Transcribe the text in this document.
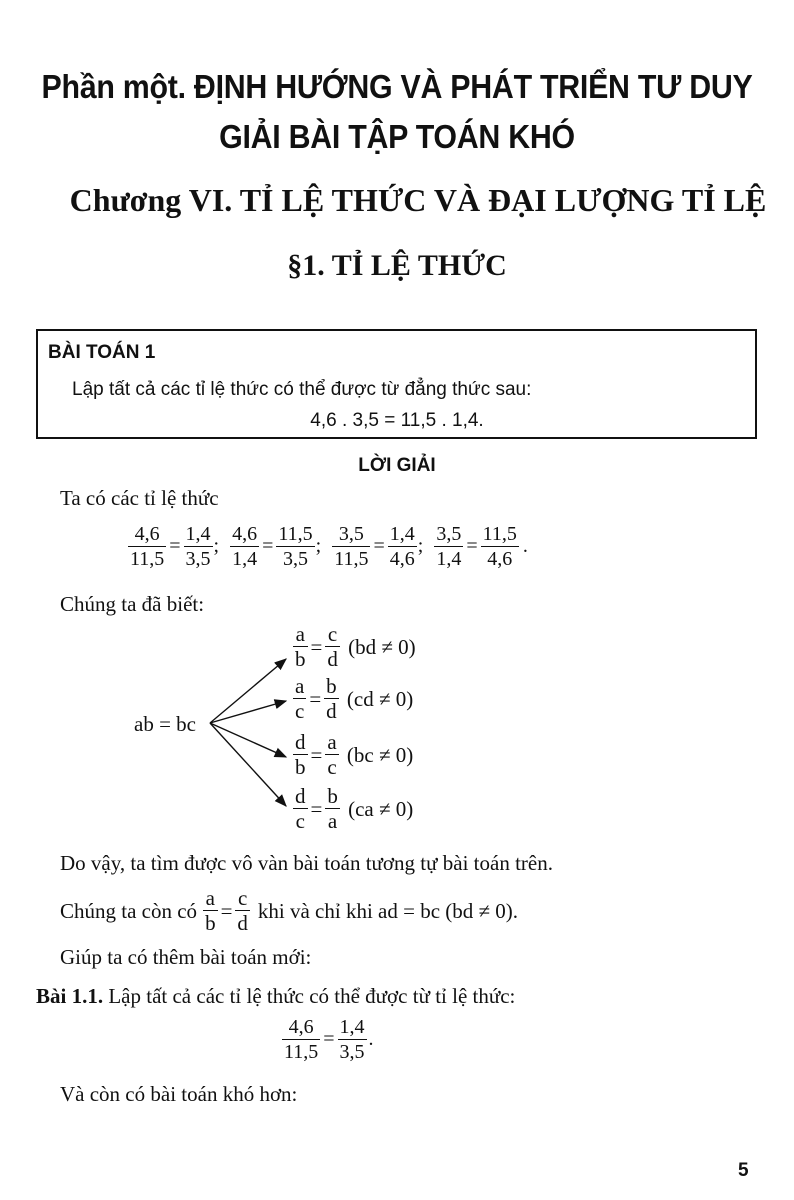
Phần một. ĐỊNH HƯỚNG VÀ PHÁT TRIỂN TƯ DUY
GIẢI BÀI TẬP TOÁN KHÓ
Chương VI. TỈ LỆ THỨC VÀ ĐẠI LƯỢNG TỈ LỆ
§1. TỈ LỆ THỨC
BÀI TOÁN 1
Lập tất cả các tỉ lệ thức có thể được từ đẳng thức sau:
4,6 . 3,5 = 11,5 . 1,4.
LỜI GIẢI
Ta có các tỉ lệ thức
$\frac{4,6}{11,5} = \frac{1,4}{3,5}$ ; $\frac{4,6}{1,4} = \frac{11,5}{3,5}$ ; $\frac{3,5}{11,5} = \frac{1,4}{4,6}$ ; $\frac{3,5}{1,4} = \frac{11,5}{4,6}$ .
Chúng ta đã biết:
ab = bc
$\frac{a}{b} = \frac{c}{d} (bd \ne 0)$
$\frac{a}{c} = \frac{b}{d} (cd \ne 0)$
$\frac{d}{b} = \frac{a}{c} (bc \ne 0)$
$\frac{d}{c} = \frac{b}{a} (ca \ne 0)$
Do vậy, ta tìm được vô vàn bài toán tương tự bài toán trên.
Chúng ta còn có $\frac{a}{b} = \frac{c}{d}$ khi và chỉ khi ad = bc (bd ≠ 0).
Giúp ta có thêm bài toán mới:
Bài 1.1. Lập tất cả các tỉ lệ thức có thể được từ tỉ lệ thức:
$\frac{4,6}{11,5} = \frac{1,4}{3,5}$ .
Và còn có bài toán khó hơn:
5
